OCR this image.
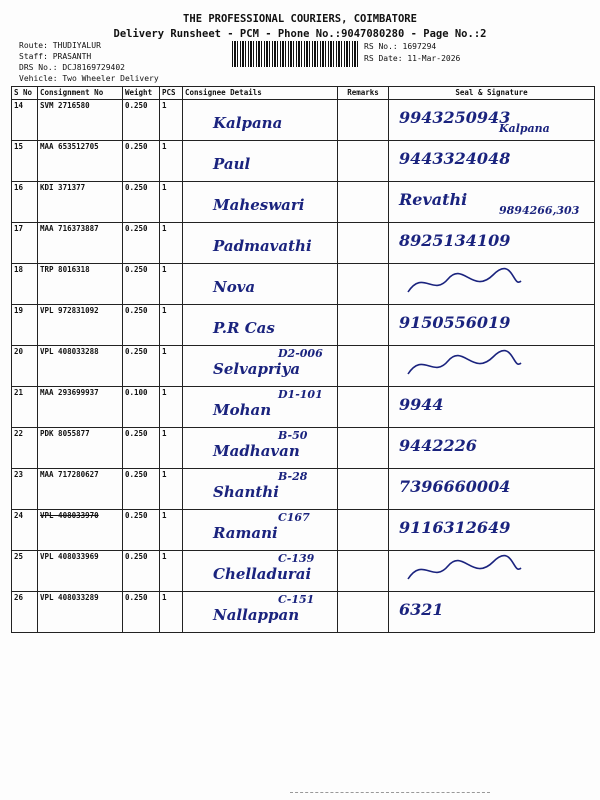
THE PROFESSIONAL COURIERS, COIMBATORE
Delivery Runsheet - PCM - Phone No.:9047080280 - Page No.:2
Route: THUDIYALUR
Staff: PRASANTH
DRS No.: DCJ8169729402
Vehicle: Two Wheeler Delivery
RS No.: 1697294
RS Date: 11-Mar-2026
S No	Consignment No	Weight	PCS	Consignee Details	Remarks	Seal & Signature
14	SVM 2716580	0.250	1	Kalpana		9943250943
Kalpana

15	MAA 653512705	0.250	1	Paul		9443324048

16	KDI 371377	0.250	1	Maheswari		Revathi
9894266,303

17	MAA 716373887	0.250	1	Padmavathi		8925134109

18	TRP 8016318	0.250	1	Nova

19	VPL 972831092	0.250	1	P.R Cas		9150556019

20	VPL 408033288	0.250	1	Selvapriya
D2-006

21	MAA 293699937	0.100	1	Mohan
D1-101		9944

22	PDK 8055877	0.250	1	Madhavan
B-50		9442226

23	MAA 717280627	0.250	1	Shanthi
B-28		7396660004

24	VPL 408033970	0.250	1	Ramani
C167		9116312649

25	VPL 408033969	0.250	1	Chelladurai
C-139

26	VPL 408033289	0.250	1	Nallappan
C-151		6321
